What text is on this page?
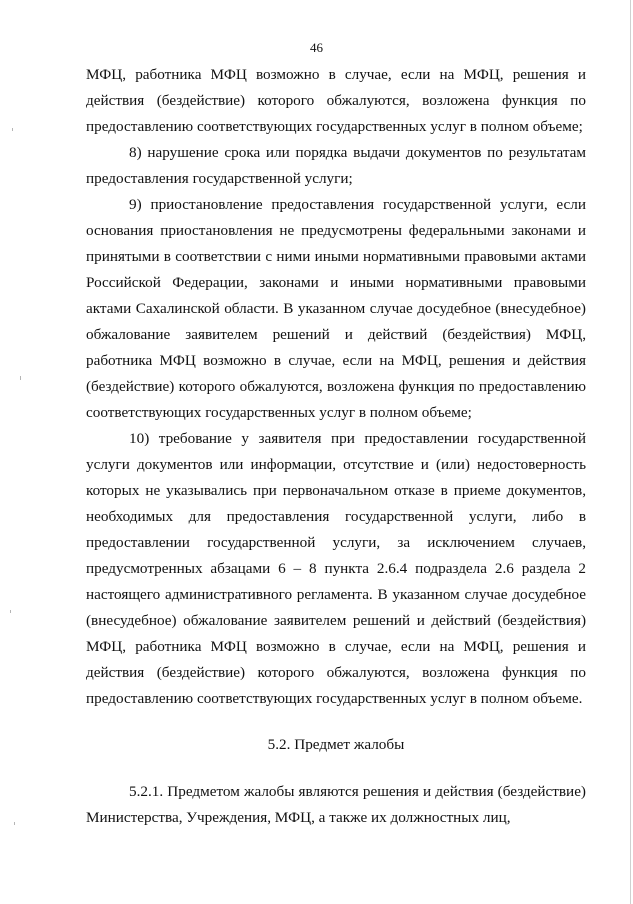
46

МФЦ, работника МФЦ возможно в случае, если на МФЦ, решения и действия (бездействие) которого обжалуются, возложена функция по предоставлению соответствующих государственных услуг в полном объеме;

8) нарушение срока или порядка выдачи документов по результатам предоставления государственной услуги;

9) приостановление предоставления государственной услуги, если основания приостановления не предусмотрены федеральными законами и принятыми в соответствии с ними иными нормативными правовыми актами Российской Федерации, законами и иными нормативными правовыми актами Сахалинской области. В указанном случае досудебное (внесудебное) обжалование заявителем решений и действий (бездействия) МФЦ, работника МФЦ возможно в случае, если на МФЦ, решения и действия (бездействие) которого обжалуются, возложена функция по предоставлению соответствующих государственных услуг в полном объеме;

10) требование у заявителя при предоставлении государственной услуги документов или информации, отсутствие и (или) недостоверность которых не указывались при первоначальном отказе в приеме документов, необходимых для предоставления государственной услуги, либо в предоставлении государственной услуги, за исключением случаев, предусмотренных абзацами 6 – 8 пункта 2.6.4 подраздела 2.6 раздела 2 настоящего административного регламента. В указанном случае досудебное (внесудебное) обжалование заявителем решений и действий (бездействия) МФЦ, работника МФЦ возможно в случае, если на МФЦ, решения и действия (бездействие) которого обжалуются, возложена функция по предоставлению соответствующих государственных услуг в полном объеме.

5.2. Предмет жалобы

5.2.1. Предметом жалобы являются решения и действия (бездействие) Министерства, Учреждения, МФЦ, а также их должностных лиц,
